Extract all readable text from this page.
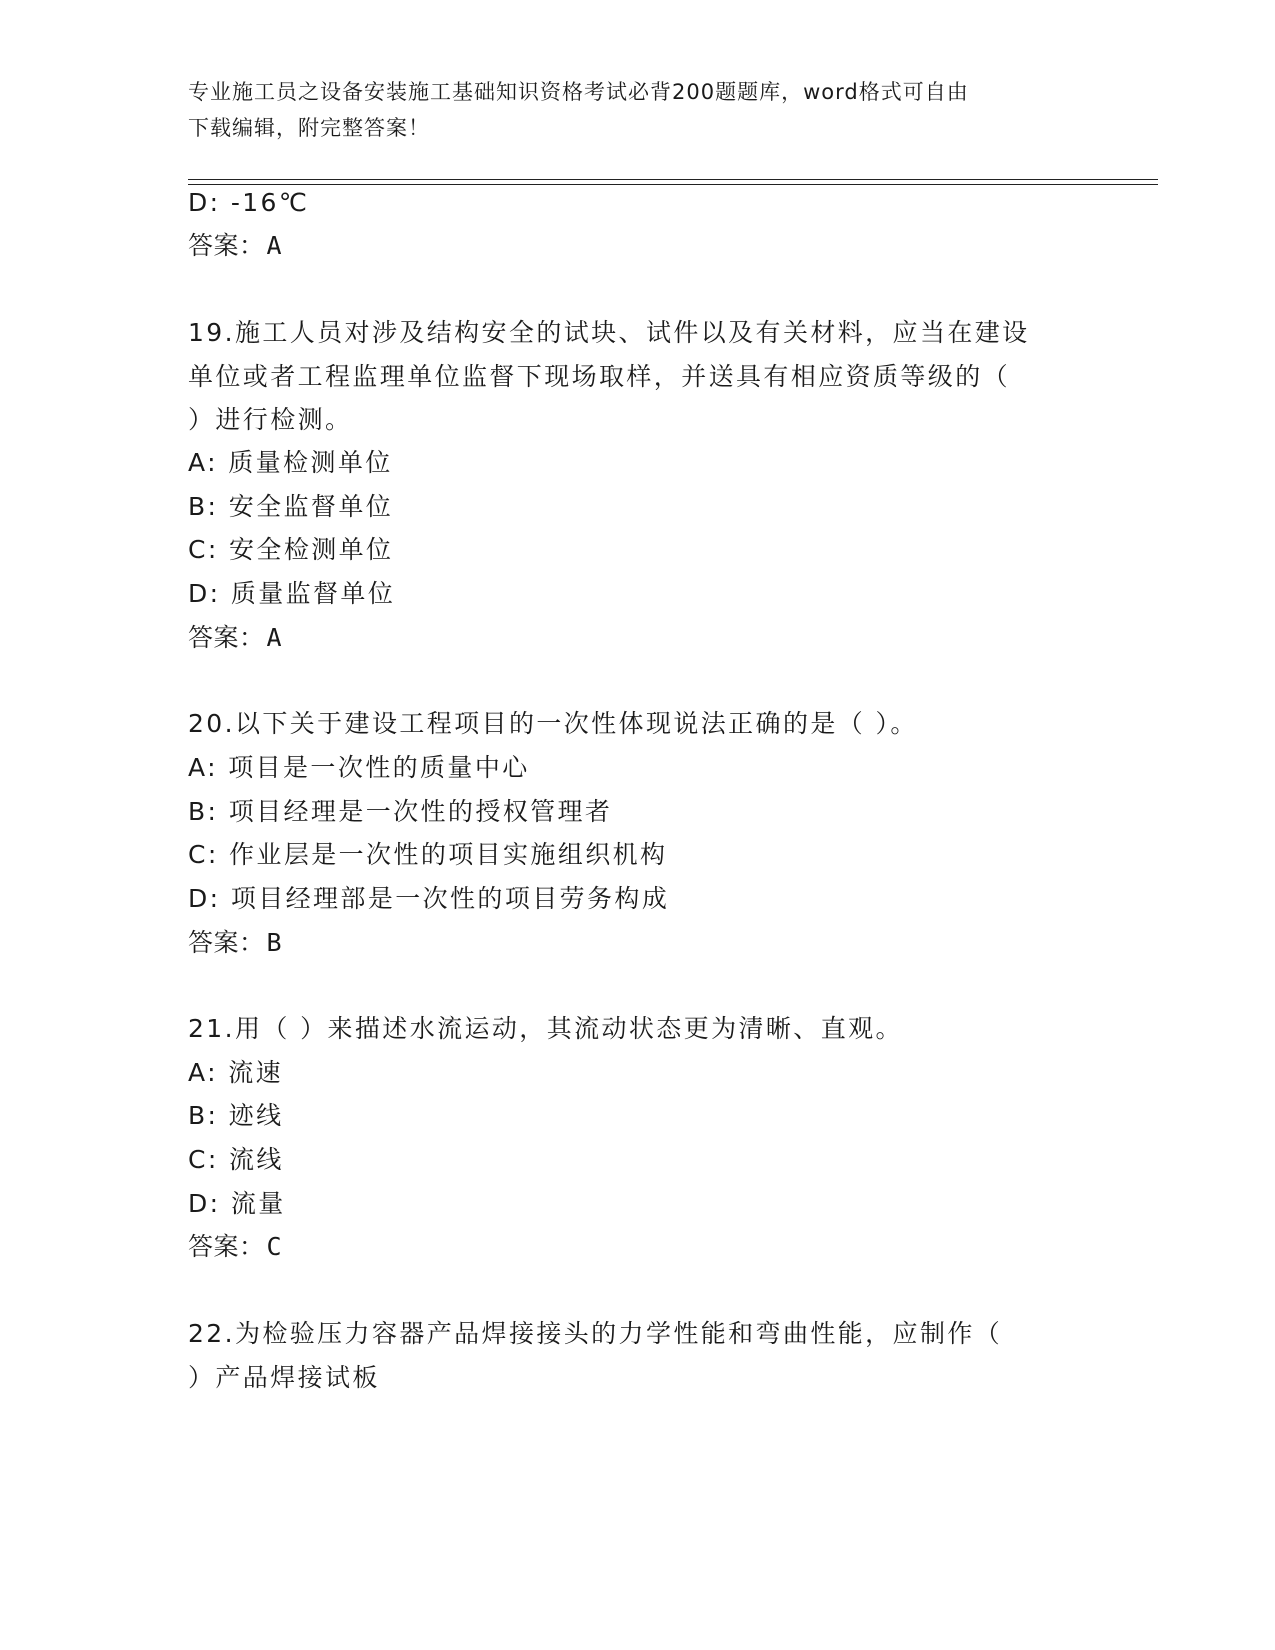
专业施工员之设备安装施工基础知识资格考试必背200题题库，word格式可自由
下载编辑，附完整答案！
D: -16℃
答案：A
19.施工人员对涉及结构安全的试块、试件以及有关材料，应当在建设
单位或者工程监理单位监督下现场取样，并送具有相应资质等级的（
）进行检测。
A: 质量检测单位
B: 安全监督单位
C: 安全检测单位
D: 质量监督单位
答案：A
20.以下关于建设工程项目的一次性体现说法正确的是（ ）。
A: 项目是一次性的质量中心
B: 项目经理是一次性的授权管理者
C: 作业层是一次性的项目实施组织机构
D: 项目经理部是一次性的项目劳务构成
答案：B
21.用（ ）来描述水流运动，其流动状态更为清晰、直观。
A: 流速
B: 迹线
C: 流线
D: 流量
答案：C
22.为检验压力容器产品焊接接头的力学性能和弯曲性能，应制作（
）产品焊接试板
